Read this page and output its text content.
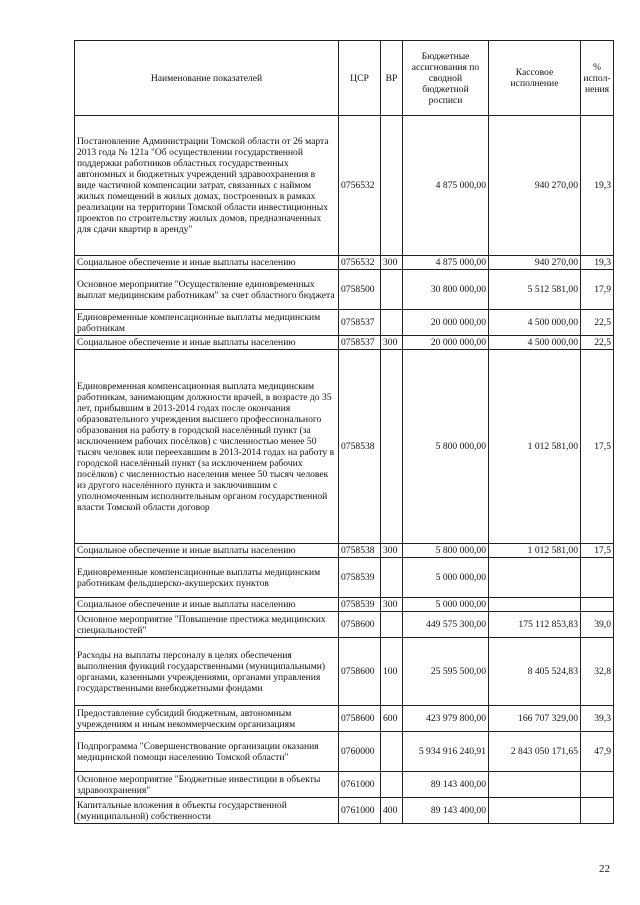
Наименование показателей	ЦСР	ВР	Бюджетные ассигнования по сводной бюджетной росписи	Кассовое исполнение	% испол-нения
Постановление Администрации Томской области от 26 марта 2013 года № 121а "Об осуществлении государственной поддержки работников областных государственных автономных и бюджетных учреждений здравоохранения в виде частичной компенсации затрат, связанных с наймом жилых помещений в жилых домах, построенных в рамках реализации на территории Томской области инвестиционных проектов по строительству жилых домов, предназначенных для сдачи квартир в аренду"	0756532		4 875 000,00	940 270,00	19,3
Социальное обеспечение и иные выплаты населению	0756532	300	4 875 000,00	940 270,00	19,3
Основное мероприятие "Осуществление единовременных выплат медицинским работникам" за счет областного бюджета	0758500		30 800 000,00	5 512 581,00	17,9
Единовременные компенсационные выплаты медицинским работникам	0758537		20 000 000,00	4 500 000,00	22,5
Социальное обеспечение и иные выплаты населению	0758537	300	20 000 000,00	4 500 000,00	22,5
Единовременная компенсационная выплата медицинским работникам, занимающим должности врачей, в возрасте до 35 лет, прибывшим в 2013-2014 годах после окончания образовательного учреждения высшего профессионального образования на работу в городской населённый пункт (за исключением рабочих посёлков) с численностью менее 50 тысяч человек или переехавшим в 2013-2014 годах на работу в городской населённый пункт (за исключением рабочих посёлков) с численностью населения менее 50 тысяч человек из другого населённого пункта и заключившим с уполномоченным исполнительным органом государственной власти Томской области договор	0758538		5 800 000,00	1 012 581,00	17,5
Социальное обеспечение и иные выплаты населению	0758538	300	5 800 000,00	1 012 581,00	17,5
Единовременные компенсационные выплаты медицинским работникам фельдшерско-акушерских пунктов	0758539		5 000 000,00		
Социальное обеспечение и иные выплаты населению	0758539	300	5 000 000,00		
Основное мероприятие "Повышение престижа медицинских специальностей"	0758600		449 575 300,00	175 112 853,83	39,0
Расходы на выплаты персоналу в целях обеспечения выполнения функций государственными (муниципальными) органами, казенными учреждениями, органами управления государственными внебюджетными фондами	0758600	100	25 595 500,00	8 405 524,83	32,8
Предоставление субсидий бюджетным, автономным учреждениям и иным некоммерческим организациям	0758600	600	423 979 800,00	166 707 329,00	39,3
Подпрограмма "Совершенствование организации оказания медицинской помощи населению Томской области"	0760000		5 934 916 240,91	2 843 050 171,65	47,9
Основное мероприятие "Бюджетные инвестиции в объекты здравоохранения"	0761000		89 143 400,00		
Капитальные вложения в объекты государственной (муниципальной) собственности	0761000	400	89 143 400,00		
22
